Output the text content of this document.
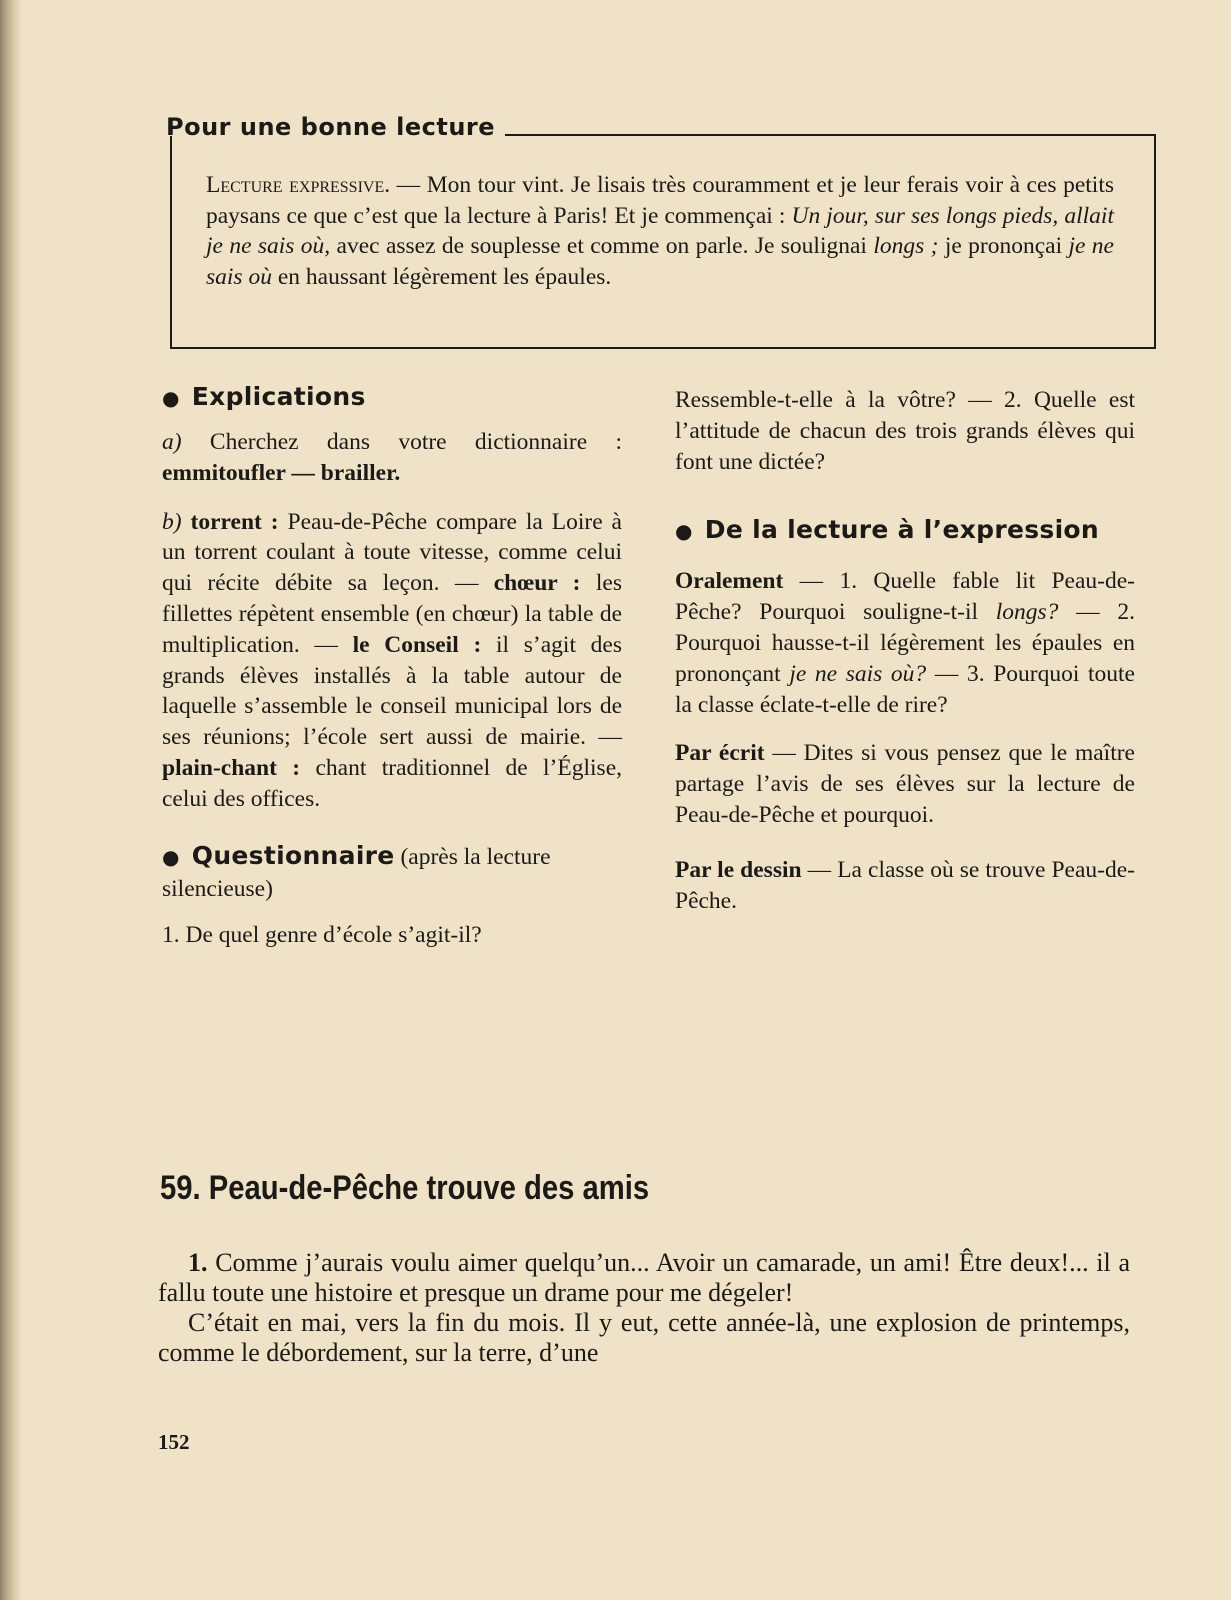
Pour une bonne lecture
Lecture expressive. — Mon tour vint. Je lisais très couramment et je leur ferais voir à ces petits paysans ce que c’est que la lecture à Paris! Et je commençai : Un jour, sur ses longs pieds, allait je ne sais où, avec assez de souplesse et comme on parle. Je soulignai longs ; je prononçai je ne sais où en haussant légèrement les épaules.
● Explications

a) Cherchez dans votre dictionnaire : emmitoufler — brailler.

b) torrent : Peau-de-Pêche compare la Loire à un torrent coulant à toute vitesse, comme celui qui récite débite sa leçon. — chœur : les fillettes répètent ensemble (en chœur) la table de multiplication. — le Conseil : il s’agit des grands élèves installés à la table autour de laquelle s’assemble le conseil municipal lors de ses réunions; l’école sert aussi de mairie. — plain-chant : chant traditionnel de l’Église, celui des offices.

● Questionnaire (après la lecture silencieuse)

1. De quel genre d’école s’agit-il?

Ressemble-t-elle à la vôtre? — 2. Quelle est l’attitude de chacun des trois grands élèves qui font une dictée?

● De la lecture à l’expression

Oralement — 1. Quelle fable lit Peau-de-Pêche? Pourquoi souligne-t-il longs? — 2. Pourquoi hausse-t-il légèrement les épaules en prononçant je ne sais où? — 3. Pourquoi toute la classe éclate-t-elle de rire?

Par écrit — Dites si vous pensez que le maître partage l’avis de ses élèves sur la lecture de Peau-de-Pêche et pourquoi.

Par le dessin — La classe où se trouve Peau-de-Pêche.

59. Peau-de-Pêche trouve des amis

1. Comme j’aurais voulu aimer quelqu’un... Avoir un camarade, un ami! Être deux!... il a fallu toute une histoire et presque un drame pour me dégeler!

C’était en mai, vers la fin du mois. Il y eut, cette année-là, une explosion de printemps, comme le débordement, sur la terre, d’une

152
